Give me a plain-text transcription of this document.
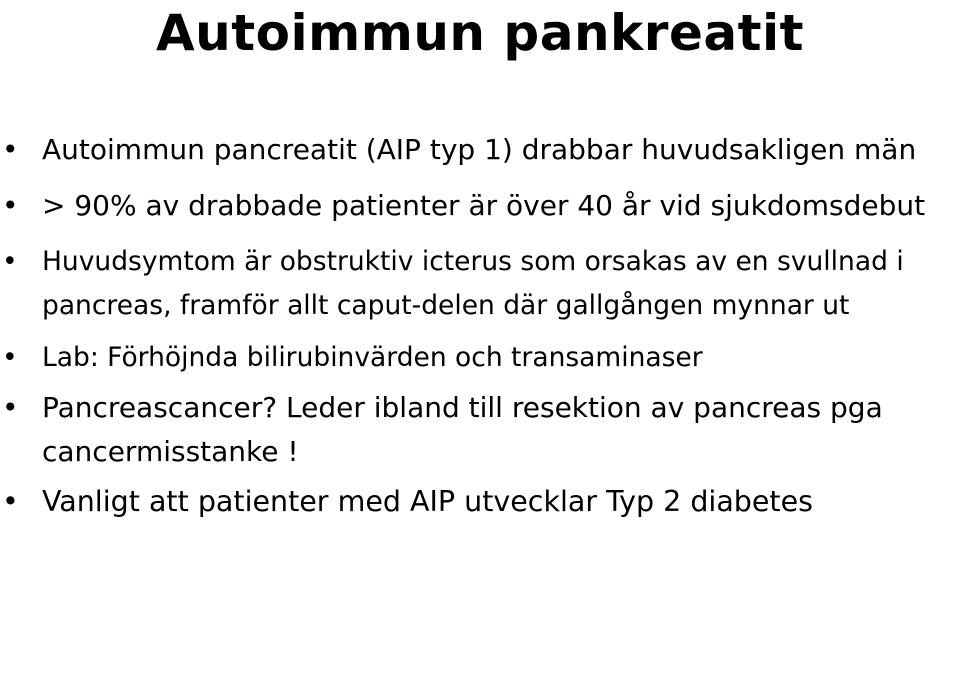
Autoimmun pankreatit
• Autoimmun pancreatit (AIP typ 1) drabbar huvudsakligen män
• > 90% av drabbade patienter är över 40 år vid sjukdomsdebut
• Huvudsymtom är obstruktiv icterus som orsakas av en svullnad i pancreas, framför allt caput-delen där gallgången mynnar ut
• Lab: Förhöjnda bilirubinvärden och transaminaser
• Pancreascancer? Leder ibland till resektion av pancreas pga cancermisstanke !
• Vanligt att patienter med AIP utvecklar Typ 2 diabetes
